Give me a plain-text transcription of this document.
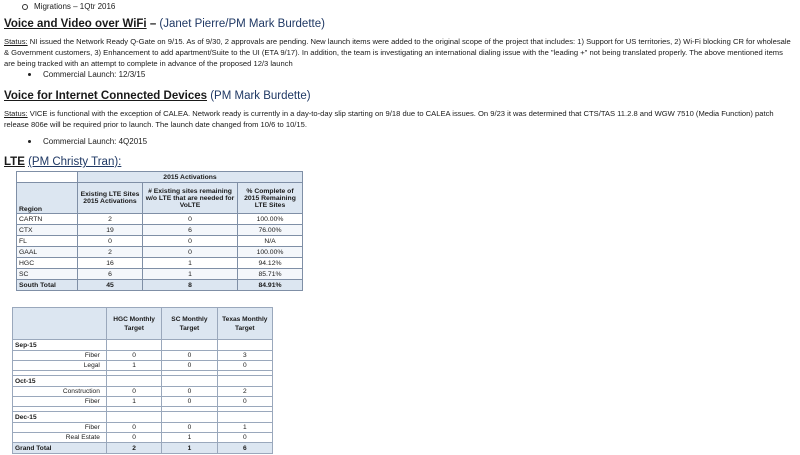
Migrations – 1Qtr 2016
Voice and Video over WiFi – (Janet Pierre/PM Mark Burdette)
Status: NI issued the Network Ready Q-Gate on 9/15. As of 9/30, 2 approvals are pending. New launch items were added to the original scope of the project that includes: 1) Support for US territories, 2) Wi-Fi blocking CR for wholesale & Government customers, 3) Enhancement to add apartment/Suite to the UI (ETA 9/17). In addition, the team is investigating an international dialing issue with the "leading +" not being translated properly. The above mentioned items are being tracked with an attempt to complete in advance of the proposed 12/3 launch
Commercial Launch: 12/3/15
Voice for Internet Connected Devices (PM Mark Burdette)
Status: VICE is functional with the exception of CALEA. Network ready is currently in a day-to-day slip starting on 9/18 due to CALEA issues. On 9/23 it was determined that CTS/TAS 11.2.8 and WGW 7510 (Media Function) patch release 806e will be required prior to launch. The launch date changed from 10/6 to 10/15.
Commercial Launch: 4Q2015
LTE (PM Christy Tran):
	2015 Activations		
Region	Existing LTE Sites 2015 Activations	# Existing sites remaining w/o LTE that are needed for VoLTE	% Complete of 2015 Remaining LTE Sites
CARTN	2	0	100.00%
CTX	19	6	76.00%
FL	0	0	N/A
GAAL	2	0	100.00%
HGC	16	1	94.12%
SC	6	1	85.71%
South Total	45	8	84.91%
	HGC Monthly Target	SC Monthly Target	Texas Monthly Target
Sep-15			
Fiber	0	0	3
Legal	1	0	0

Oct-15			
Construction	0	0	2
Fiber	1	0	0

Dec-15			
Fiber	0	0	1
Real Estate	0	1	0
Grand Total	2	1	6
